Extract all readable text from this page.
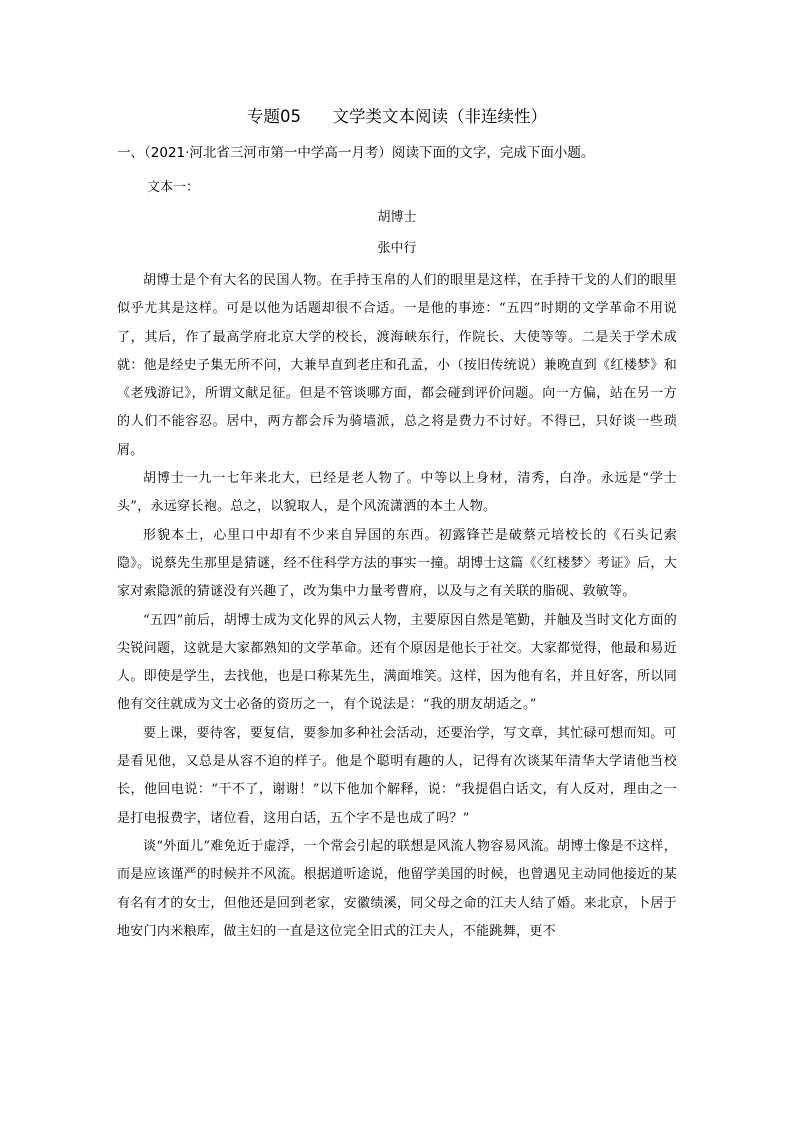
专题05      文学类文本阅读（非连续性）
一、（2021·河北省三河市第一中学高一月考）阅读下面的文字，完成下面小题。
文本一：
胡博士
张中行

胡博士是个有大名的民国人物。在手持玉帛的人们的眼里是这样，在手持干戈的人们的眼里似乎尤其是这样。可是以他为话题却很不合适。一是他的事迹：“五四”时期的文学革命不用说了，其后，作了最高学府北京大学的校长，渡海峡东行，作院长、大使等等。二是关于学术成就：他是经史子集无所不问，大兼早直到老庄和孔孟，小（按旧传统说）兼晚直到《红楼梦》和《老残游记》，所谓文献足征。但是不管谈哪方面，都会碰到评价问题。向一方偏，站在另一方的人们不能容忍。居中，两方都会斥为骑墙派，总之将是费力不讨好。不得已，只好谈一些琐屑。

胡博士一九一七年来北大，已经是老人物了。中等以上身材，清秀，白净。永远是“学士头”，永远穿长袍。总之，以貌取人，是个风流潇洒的本土人物。

形貌本土，心里口中却有不少来自异国的东西。初露锋芒是破蔡元培校长的《石头记索隐》。说蔡先生那里是猜谜，经不住科学方法的事实一撞。胡博士这篇《〈红楼梦〉考证》后，大家对索隐派的猜谜没有兴趣了，改为集中力量考曹府，以及与之有关联的脂砚、敦敏等。

“五四”前后，胡博士成为文化界的风云人物，主要原因自然是笔勤，并触及当时文化方面的尖锐问题，这就是大家都熟知的文学革命。还有个原因是他长于社交。大家都觉得，他最和易近人。即使是学生，去找他，也是口称某先生，满面堆笑。这样，因为他有名，并且好客，所以同他有交往就成为文士必备的资历之一，有个说法是：“我的朋友胡适之。”

要上课，要待客，要复信，要参加多种社会活动，还要治学，写文章，其忙碌可想而知。可是看见他，又总是从容不迫的样子。他是个聪明有趣的人，记得有次谈某年清华大学请他当校长，他回电说：“干不了，谢谢！”以下他加个解释，说：“我提倡白话文，有人反对，理由之一是打电报费字，诸位看，这用白话，五个字不是也成了吗？”

谈“外面儿”难免近于虚浮，一个常会引起的联想是风流人物容易风流。胡博士像是不这样，而是应该谨严的时候并不风流。根据道听途说，他留学美国的时候，也曾遇见主动同他接近的某有名有才的女士，但他还是回到老家，安徽绩溪，同父母之命的江夫人结了婚。来北京，卜居于地安门内米粮库，做主妇的一直是这位完全旧式的江夫人，不能跳舞，更不
